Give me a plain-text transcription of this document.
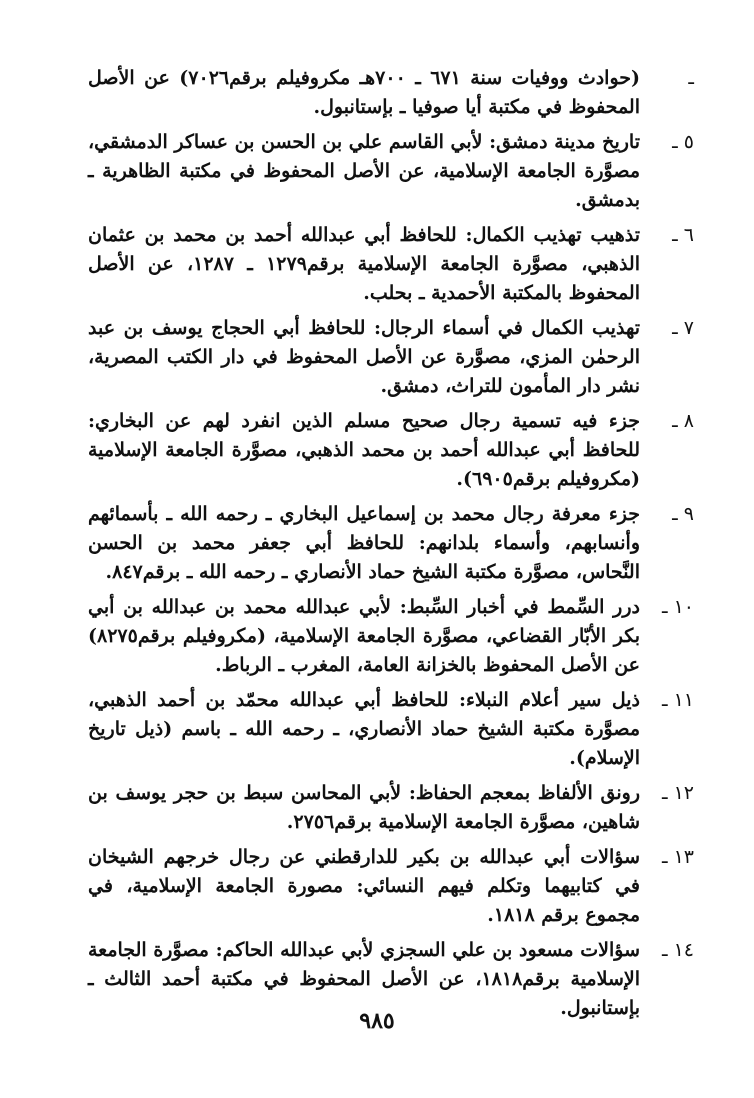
ـ
(حوادث ووفيات سنة ٦٧١ ـ ٧٠٠هـ مكروفيلم برقم٧٠٢٦) عن الأصل المحفوظ في مكتبة أيا صوفيا ـ بإستانبول.
٥ ـ
تاريخ مدينة دمشق: لأبي القاسم علي بن الحسن بن عساكر الدمشقي، مصوَّرة الجامعة الإسلامية، عن الأصل المحفوظ في مكتبة الظاهرية ـ بدمشق.
٦ ـ
تذهيب تهذيب الكمال: للحافظ أبي عبدالله أحمد بن محمد بن عثمان الذهبي، مصوَّرة الجامعة الإسلامية برقم١٢٧٩ ـ ١٢٨٧، عن الأصل المحفوظ بالمكتبة الأحمدية ـ بحلب.
٧ ـ
تهذيب الكمال في أسماء الرجال: للحافظ أبي الحجاج يوسف بن عبد الرحمٰن المزي، مصوَّرة عن الأصل المحفوظ في دار الكتب المصرية، نشر دار المأمون للتراث، دمشق.
٨ ـ
جزء فيه تسمية رجال صحيح مسلم الذين انفرد لهم عن البخاري: للحافظ أبي عبدالله أحمد بن محمد الذهبي، مصوَّرة الجامعة الإسلامية (مكروفيلم برقم٦٩٠٥).
٩ ـ
جزء معرفة رجال محمد بن إسماعيل البخاري ـ رحمه الله ـ بأسمائهم وأنسابهم، وأسماء بلدانهم: للحافظ أبي جعفر محمد بن الحسن النَّحاس، مصوَّرة مكتبة الشيخ حماد الأنصاري ـ رحمه الله ـ برقم٨٤٧.
١٠ ـ
درر السِّمط في أخبار السِّبط: لأبي عبدالله محمد بن عبدالله بن أبي بكر الأبّار القضاعي، مصوَّرة الجامعة الإسلامية، (مكروفيلم برقم٨٢٧٥) عن الأصل المحفوظ بالخزانة العامة، المغرب ـ الرباط.
١١ ـ
ذيل سير أعلام النبلاء: للحافظ أبي عبدالله محمّد بن أحمد الذهبي، مصوَّرة مكتبة الشيخ حماد الأنصاري، ـ رحمه الله ـ باسم (ذيل تاريخ الإسلام).
١٢ ـ
رونق الألفاظ بمعجم الحفاظ: لأبي المحاسن سبط بن حجر يوسف بن شاهين، مصوَّرة الجامعة الإسلامية برقم٢٧٥٦.
١٣ ـ
سؤالات أبي عبدالله بن بكير للدارقطني عن رجال خرجهم الشيخان في كتابيهما وتكلم فيهم النسائي: مصورة الجامعة الإسلامية، في مجموع برقم ١٨١٨.
١٤ ـ
سؤالات مسعود بن علي السجزي لأبي عبدالله الحاكم: مصوَّرة الجامعة الإسلامية برقم١٨١٨، عن الأصل المحفوظ في مكتبة أحمد الثالث ـ بإستانبول.
٩٨٥
